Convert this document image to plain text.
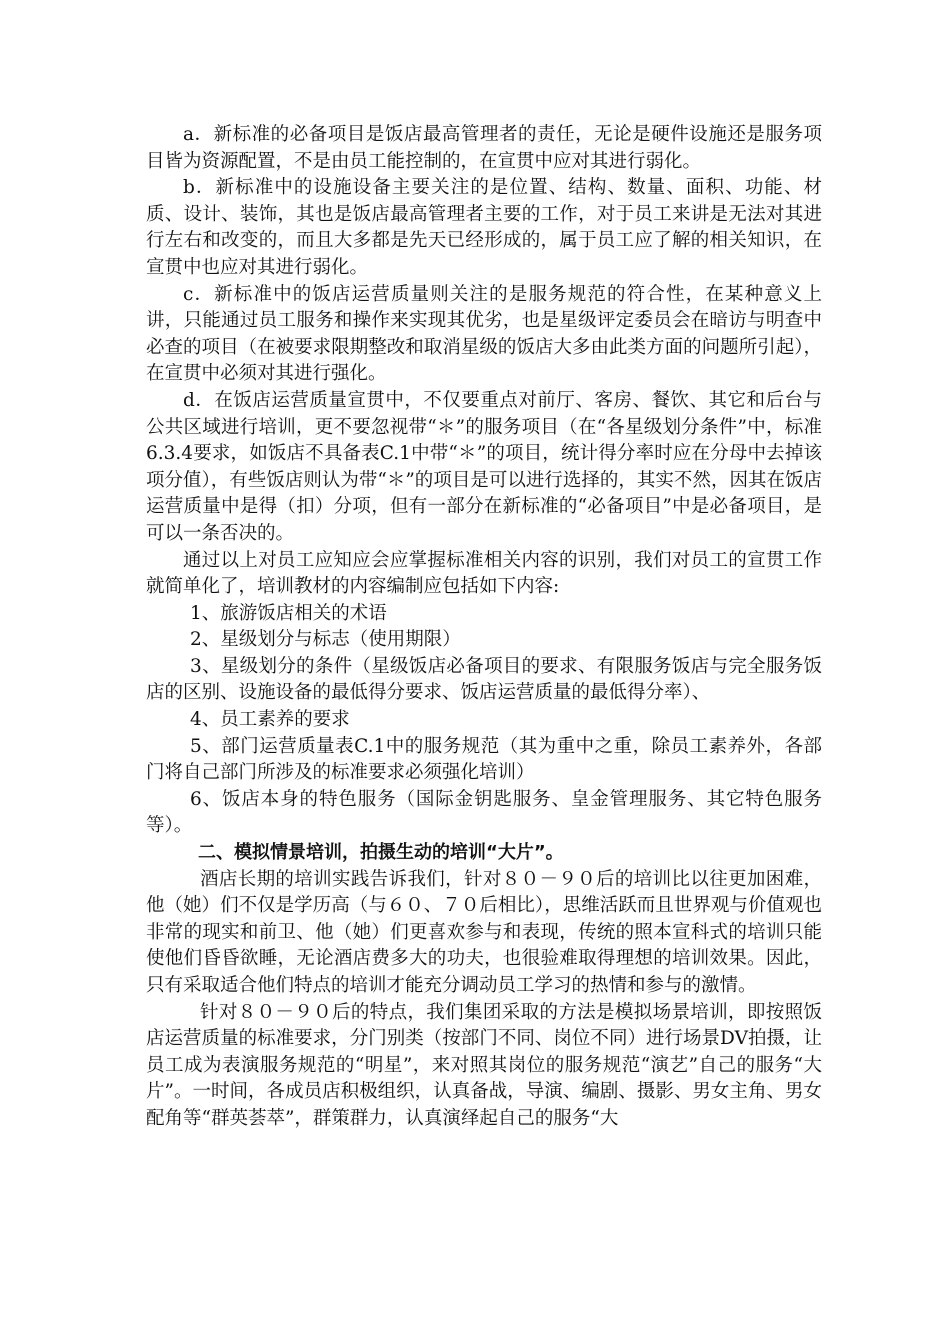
a．新标准的必备项目是饭店最高管理者的责任，无论是硬件设施还是服务项目皆为资源配置，不是由员工能控制的，在宣贯中应对其进行弱化。

b．新标准中的设施设备主要关注的是位置、结构、数量、面积、功能、材质、设计、装饰，其也是饭店最高管理者主要的工作，对于员工来讲是无法对其进行左右和改变的，而且大多都是先天已经形成的，属于员工应了解的相关知识，在宣贯中也应对其进行弱化。

c．新标准中的饭店运营质量则关注的是服务规范的符合性，在某种意义上讲，只能通过员工服务和操作来实现其优劣，也是星级评定委员会在暗访与明查中必查的项目（在被要求限期整改和取消星级的饭店大多由此类方面的问题所引起），在宣贯中必须对其进行强化。

d．在饭店运营质量宣贯中，不仅要重点对前厅、客房、餐饮、其它和后台与公共区域进行培训，更不要忽视带“＊”的服务项目（在“各星级划分条件”中，标准6.3.4要求，如饭店不具备表C.1中带“＊”的项目，统计得分率时应在分母中去掉该项分值），有些饭店则认为带“＊”的项目是可以进行选择的，其实不然，因其在饭店运营质量中是得（扣）分项，但有一部分在新标准的“必备项目”中是必备项目，是可以一条否决的。

通过以上对员工应知应会应掌握标准相关内容的识别，我们对员工的宣贯工作就简单化了，培训教材的内容编制应包括如下内容:

1、旅游饭店相关的术语

2、星级划分与标志（使用期限）

3、星级划分的条件（星级饭店必备项目的要求、有限服务饭店与完全服务饭店的区别、设施设备的最低得分要求、饭店运营质量的最低得分率）、

4、员工素养的要求

5、部门运营质量表C.1中的服务规范（其为重中之重，除员工素养外，各部门将自己部门所涉及的标准要求必须强化培训）

6、饭店本身的特色服务（国际金钥匙服务、皇金管理服务、其它特色服务等）。

二、模拟情景培训，拍摄生动的培训“大片”。

酒店长期的培训实践告诉我们，针对８０－９０后的培训比以往更加困难，他（她）们不仅是学历高（与６０、７０后相比），思维活跃而且世界观与价值观也非常的现实和前卫、他（她）们更喜欢参与和表现，传统的照本宣科式的培训只能使他们昏昏欲睡，无论酒店费多大的功夫，也很验难取得理想的培训效果。因此，只有采取适合他们特点的培训才能充分调动员工学习的热情和参与的激情。

针对８０－９０后的特点，我们集团采取的方法是模拟场景培训，即按照饭店运营质量的标准要求，分门别类（按部门不同、岗位不同）进行场景DV拍摄，让员工成为表演服务规范的“明星”，来对照其岗位的服务规范“演艺”自己的服务“大片”。一时间，各成员店积极组织，认真备战，导演、编剧、摄影、男女主角、男女配角等“群英荟萃”，群策群力，认真演绎起自己的服务“大
